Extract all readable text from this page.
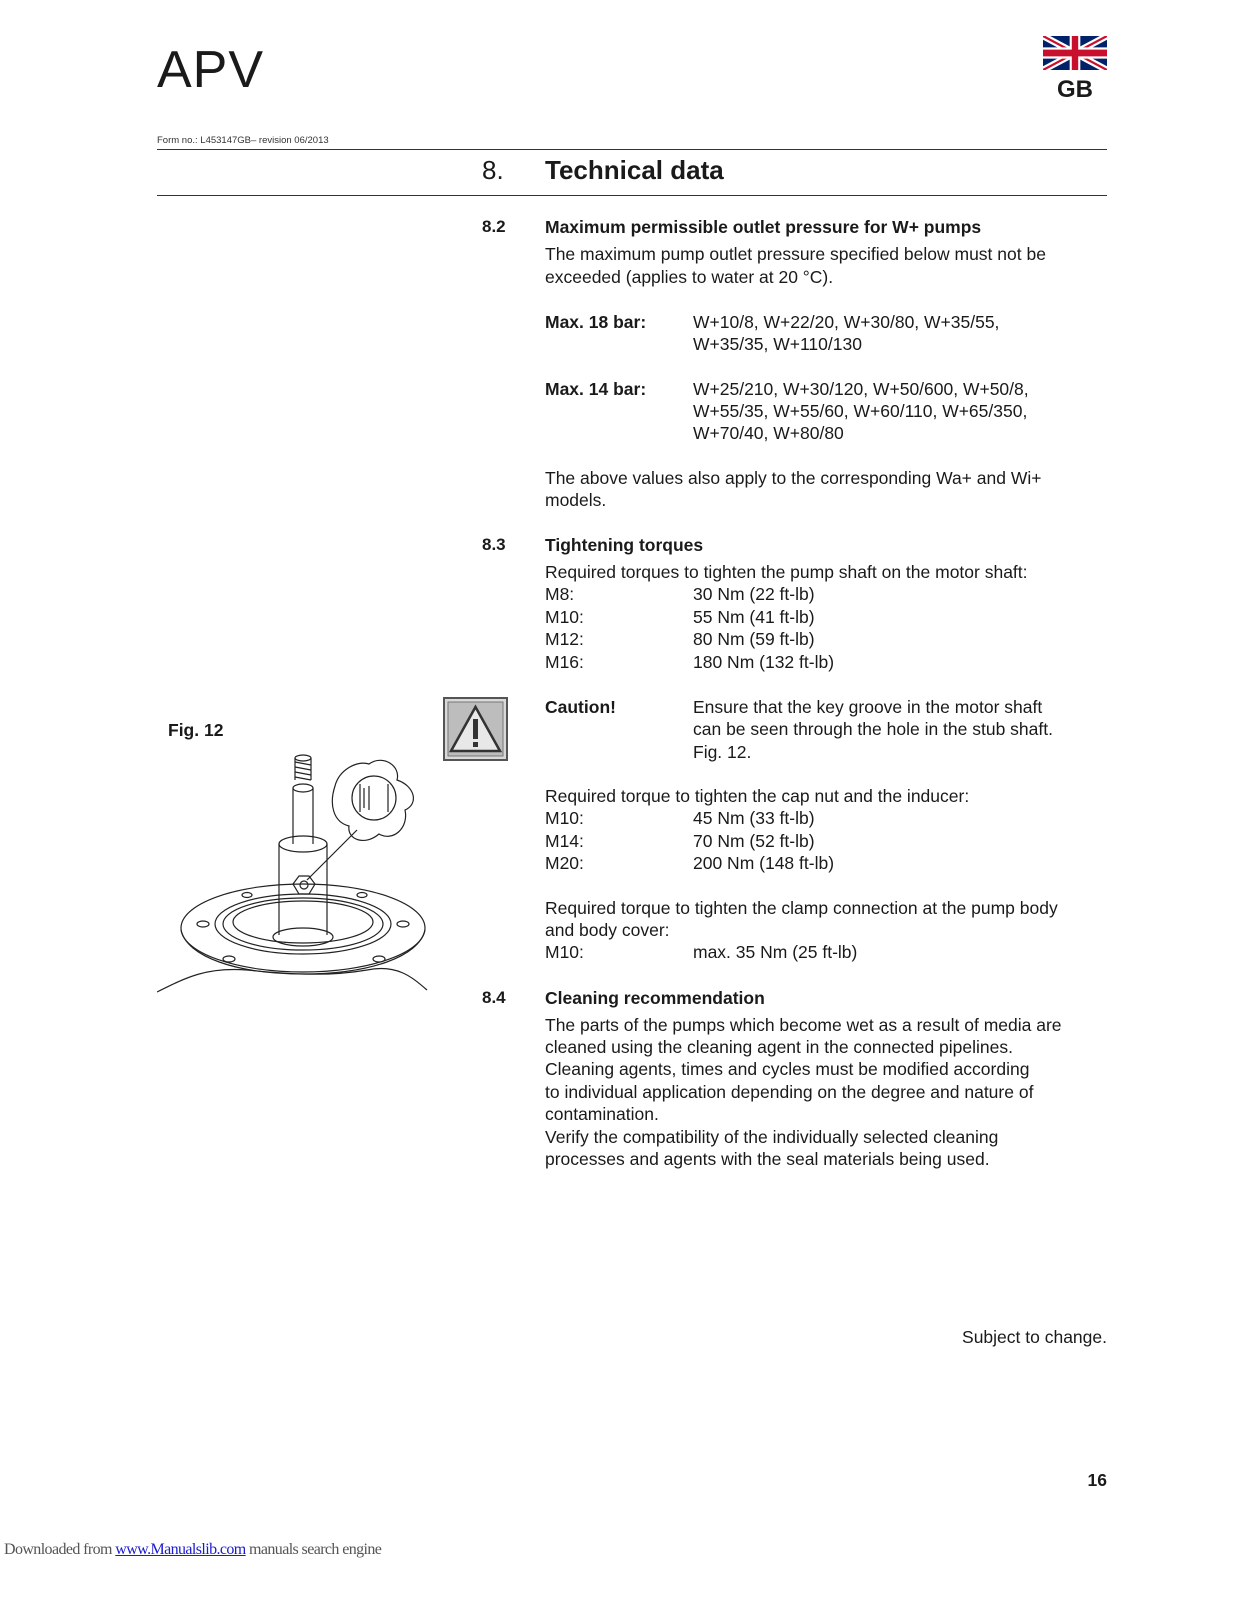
APV	GB
Form no.: L453147GB– revision 06/2013
8. Technical data
8.2 Maximum permissible outlet pressure for W+ pumps
The maximum pump outlet pressure specified below must not be
exceeded (applies to water at 20 °C).
Max. 18 bar:	W+10/8, W+22/20, W+30/80, W+35/55,
W+35/35, W+110/130
Max. 14 bar:	W+25/210, W+30/120, W+50/600, W+50/8,
W+55/35, W+55/60, W+60/110, W+65/350,
W+70/40, W+80/80
The above values also apply to the corresponding Wa+ and Wi+
models.
8.3 Tightening torques
Required torques to tighten the pump shaft on the motor shaft:
M8:	30 Nm (22 ft-lb)
M10:	55 Nm (41 ft-lb)
M12:	80 Nm (59 ft-lb)
M16:	180 Nm (132 ft-lb)
Caution!	Ensure that the key groove in the motor shaft
can be seen through the hole in the stub shaft.
Fig. 12.
Required torque to tighten the cap nut and the inducer:
M10:	45 Nm (33 ft-lb)
M14:	70 Nm (52 ft-lb)
M20:	200 Nm (148 ft-lb)
Required torque to tighten the clamp connection at the pump body
and body cover:
M10:	max. 35 Nm (25 ft-lb)
8.4 Cleaning recommendation
The parts of the pumps which become wet as a result of media are
cleaned using the cleaning agent in the connected pipelines.
Cleaning agents, times and cycles must be modified according
to individual application depending on the degree and nature of
contamination.
Verify the compatibility of the individually selected cleaning
processes and agents with the seal materials being used.
Fig. 12
Subject to change.
16
Downloaded from www.Manualslib.com manuals search engine
